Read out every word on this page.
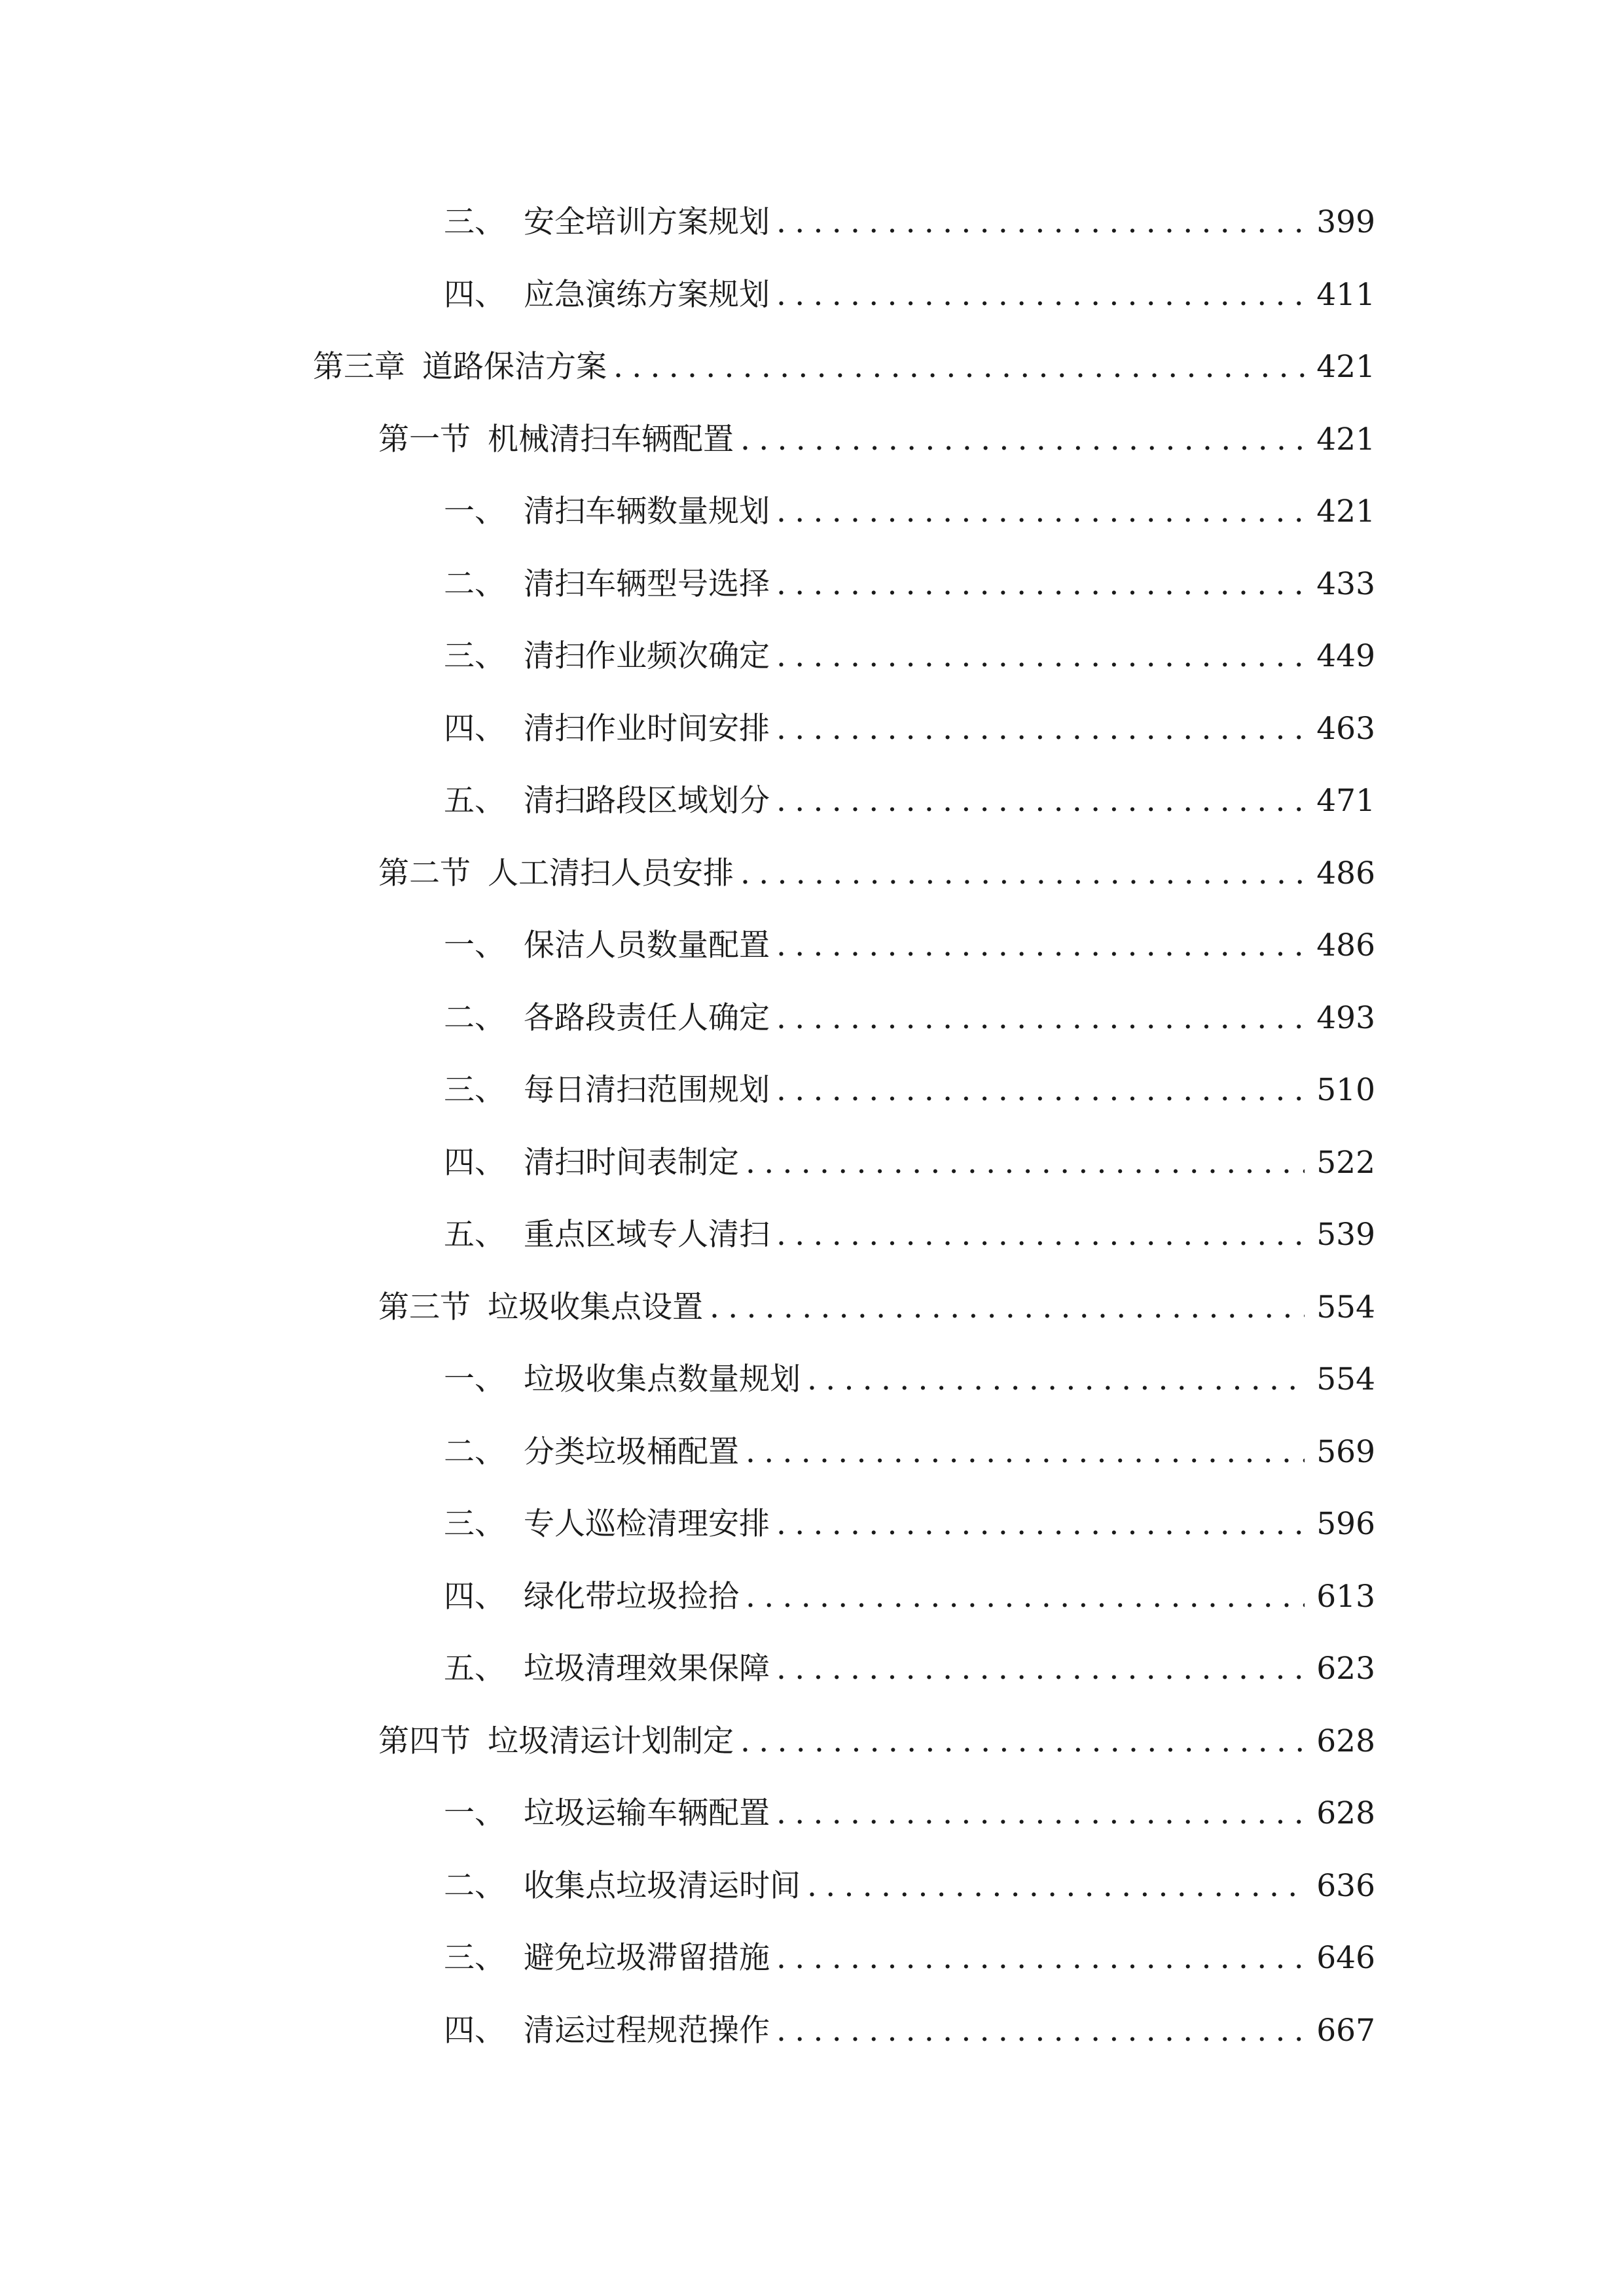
三、 安全培训方案规划 .....	399
四、 应急演练方案规划 .....	411
第三章 道路保洁方案 .....	421
第一节 机械清扫车辆配置 .....	421
一、 清扫车辆数量规划 .....	421
二、 清扫车辆型号选择 .....	433
三、 清扫作业频次确定 .....	449
四、 清扫作业时间安排 .....	463
五、 清扫路段区域划分 .....	471
第二节 人工清扫人员安排 .....	486
一、 保洁人员数量配置 .....	486
二、 各路段责任人确定 .....	493
三、 每日清扫范围规划 .....	510
四、 清扫时间表制定 .....	522
五、 重点区域专人清扫 .....	539
第三节 垃圾收集点设置 .....	554
一、 垃圾收集点数量规划 .....	554
二、 分类垃圾桶配置 .....	569
三、 专人巡检清理安排 .....	596
四、 绿化带垃圾捡拾 .....	613
五、 垃圾清理效果保障 .....	623
第四节 垃圾清运计划制定 .....	628
一、 垃圾运输车辆配置 .....	628
二、 收集点垃圾清运时间 .....	636
三、 避免垃圾滞留措施 .....	646
四、 清运过程规范操作 .....	667
